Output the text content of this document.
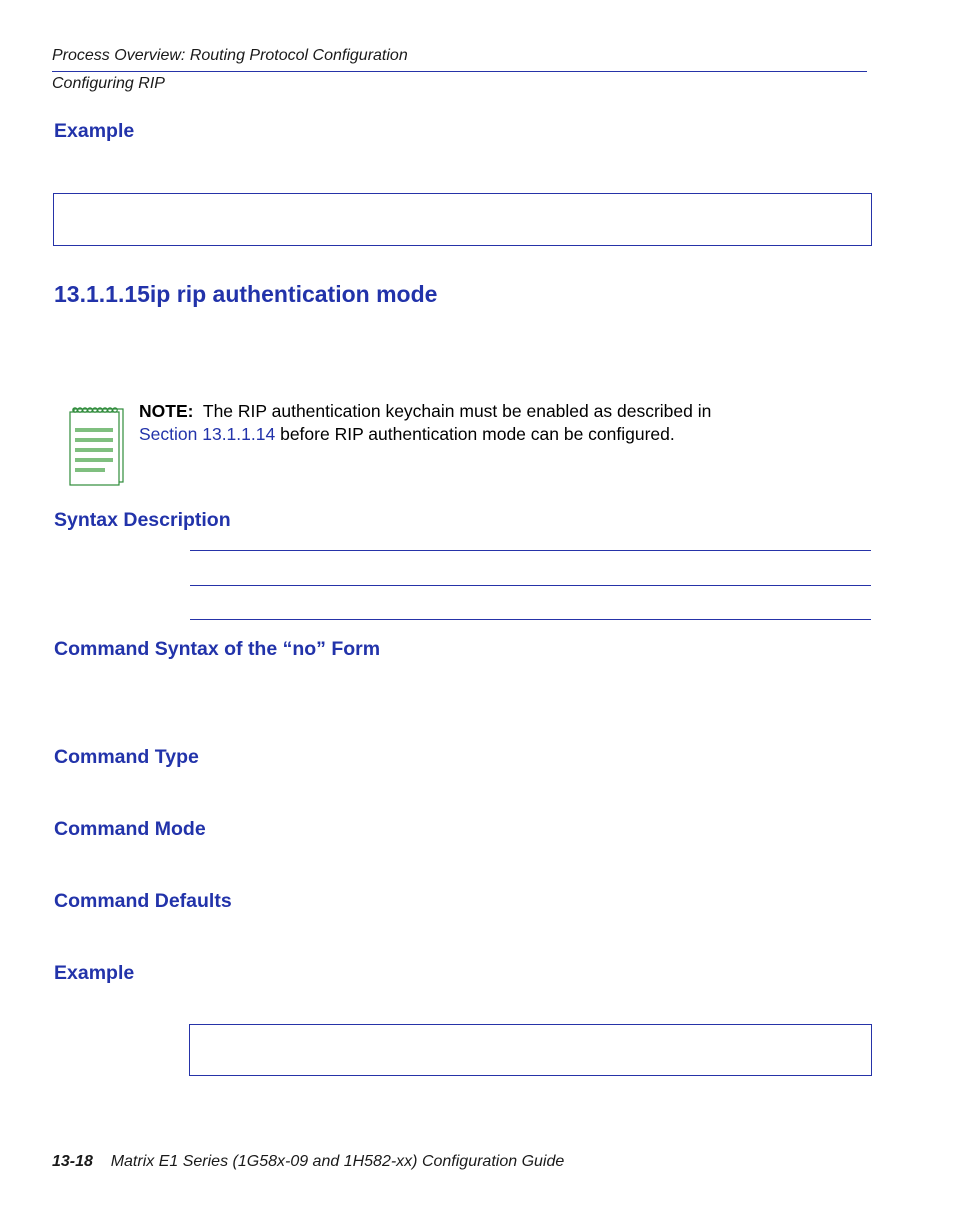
Process Overview: Routing Protocol Configuration
Configuring RIP
Example
13.1.1.15ip rip authentication mode
NOTE: The RIP authentication keychain must be enabled as described in
Section 13.1.1.14 before RIP authentication mode can be configured.
Syntax Description
Command Syntax of the “no” Form
Command Type
Command Mode
Command Defaults
Example
13-18 Matrix E1 Series (1G58x-09 and 1H582-xx) Configuration Guide
